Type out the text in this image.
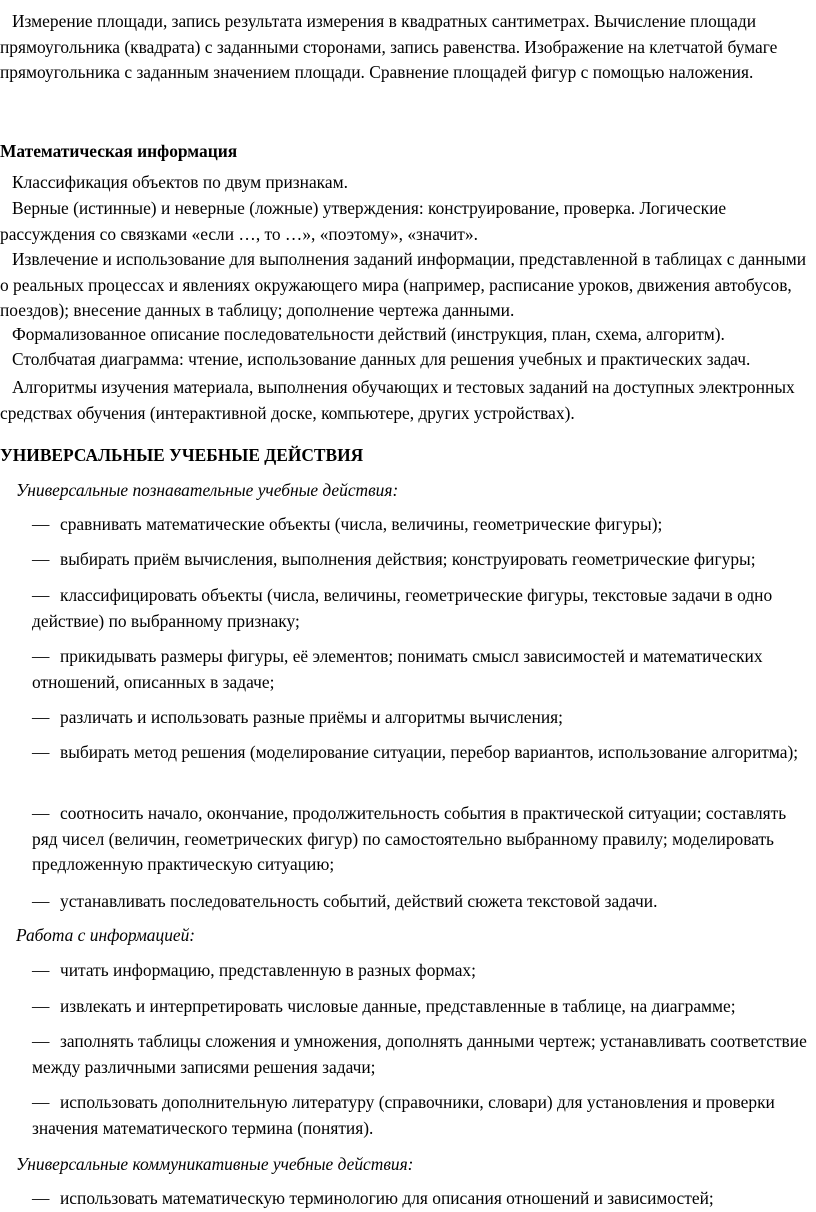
Измерение площади, запись результата измерения в квадратных сантиметрах. Вычисление площади прямоугольника (квадрата) с заданными сторонами, запись равенства. Изображение на клетчатой бумаге прямоугольника с заданным значением площади. Сравнение площадей фигур с помощью наложения.

Математическая информация

Классификация объектов по двум признакам.

Верные (истинные) и неверные (ложные) утверждения: конструирование, проверка. Логические рассуждения со связками «если …, то …», «поэтому», «значит».

Извлечение и использование для выполнения заданий информации, представленной в таблицах с данными о реальных процессах и явлениях окружающего мира (например, расписание уроков, движения автобусов, поездов); внесение данных в таблицу; дополнение чертежа данными.

Формализованное описание последовательности действий (инструкция, план, схема, алгоритм).

Столбчатая диаграмма: чтение, использование данных для решения учебных и практических задач.

Алгоритмы изучения материала, выполнения обучающих и тестовых заданий на доступных электронных средствах обучения (интерактивной доске, компьютере, других устройствах).

УНИВЕРСАЛЬНЫЕ УЧЕБНЫЕ ДЕЙСТВИЯ

Универсальные познавательные учебные действия:

— сравнивать математические объекты (числа, величины, геометрические фигуры);

— выбирать приём вычисления, выполнения действия; конструировать геометрические фигуры;

— классифицировать объекты (числа, величины, геометрические фигуры, текстовые задачи в одно действие) по выбранному признаку;

— прикидывать размеры фигуры, её элементов; понимать смысл зависимостей и математических отношений, описанных в задаче;

— различать и использовать разные приёмы и алгоритмы вычисления;

— выбирать метод решения (моделирование ситуации, перебор вариантов, использование алгоритма);

— соотносить начало, окончание, продолжительность события в практической ситуации; составлять ряд чисел (величин, геометрических фигур) по самостоятельно выбранному правилу; моделировать предложенную практическую ситуацию;

— устанавливать последовательность событий, действий сюжета текстовой задачи.

Работа с информацией:

— читать информацию, представленную в разных формах;

— извлекать и интерпретировать числовые данные, представленные в таблице, на диаграмме;

— заполнять таблицы сложения и умножения, дополнять данными чертеж; устанавливать соответствие между различными записями решения задачи;

— использовать дополнительную литературу (справочники, словари) для установления и проверки значения математического термина (понятия).

Универсальные коммуникативные учебные действия:

— использовать математическую терминологию для описания отношений и зависимостей;
